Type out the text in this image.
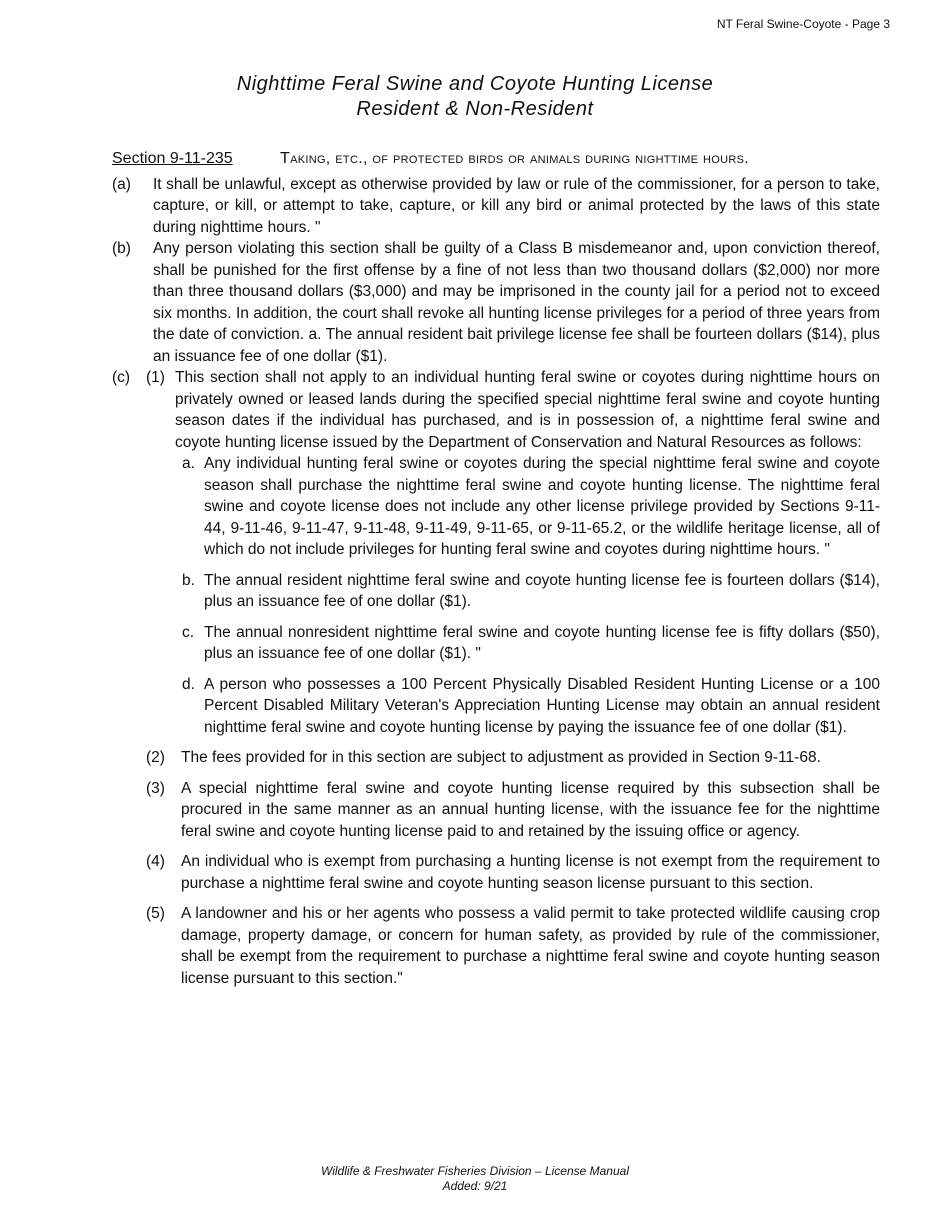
NT Feral Swine-Coyote - Page 3
Nighttime Feral Swine and Coyote Hunting License
Resident & Non-Resident
Section 9-11-235	Taking, etc., of protected birds or animals during nighttime hours.
(a) It shall be unlawful, except as otherwise provided by law or rule of the commissioner, for a person to take, capture, or kill, or attempt to take, capture, or kill any bird or animal protected by the laws of this state during nighttime hours. "
(b) Any person violating this section shall be guilty of a Class B misdemeanor and, upon conviction thereof, shall be punished for the first offense by a fine of not less than two thousand dollars ($2,000) nor more than three thousand dollars ($3,000) and may be imprisoned in the county jail for a period not to exceed six months. In addition, the court shall revoke all hunting license privileges for a period of three years from the date of conviction. a. The annual resident bait privilege license fee shall be fourteen dollars ($14), plus an issuance fee of one dollar ($1).
(c) (1) This section shall not apply to an individual hunting feral swine or coyotes during nighttime hours on privately owned or leased lands during the specified special nighttime feral swine and coyote hunting season dates if the individual has purchased, and is in possession of, a nighttime feral swine and coyote hunting license issued by the Department of Conservation and Natural Resources as follows:
a. Any individual hunting feral swine or coyotes during the special nighttime feral swine and coyote season shall purchase the nighttime feral swine and coyote hunting license. The nighttime feral swine and coyote license does not include any other license privilege provided by Sections 9-11-44, 9-11-46, 9-11-47, 9-11-48, 9-11-49, 9-11-65, or 9-11-65.2, or the wildlife heritage license, all of which do not include privileges for hunting feral swine and coyotes during nighttime hours. "
b. The annual resident nighttime feral swine and coyote hunting license fee is fourteen dollars ($14), plus an issuance fee of one dollar ($1).
c. The annual nonresident nighttime feral swine and coyote hunting license fee is fifty dollars ($50), plus an issuance fee of one dollar ($1). "
d. A person who possesses a 100 Percent Physically Disabled Resident Hunting License or a 100 Percent Disabled Military Veteran's Appreciation Hunting License may obtain an annual resident nighttime feral swine and coyote hunting license by paying the issuance fee of one dollar ($1).
(2) The fees provided for in this section are subject to adjustment as provided in Section 9-11-68.
(3) A special nighttime feral swine and coyote hunting license required by this subsection shall be procured in the same manner as an annual hunting license, with the issuance fee for the nighttime feral swine and coyote hunting license paid to and retained by the issuing office or agency.
(4) An individual who is exempt from purchasing a hunting license is not exempt from the requirement to purchase a nighttime feral swine and coyote hunting season license pursuant to this section.
(5) A landowner and his or her agents who possess a valid permit to take protected wildlife causing crop damage, property damage, or concern for human safety, as provided by rule of the commissioner, shall be exempt from the requirement to purchase a nighttime feral swine and coyote hunting season license pursuant to this section."
Wildlife & Freshwater Fisheries Division – License Manual
Added: 9/21
